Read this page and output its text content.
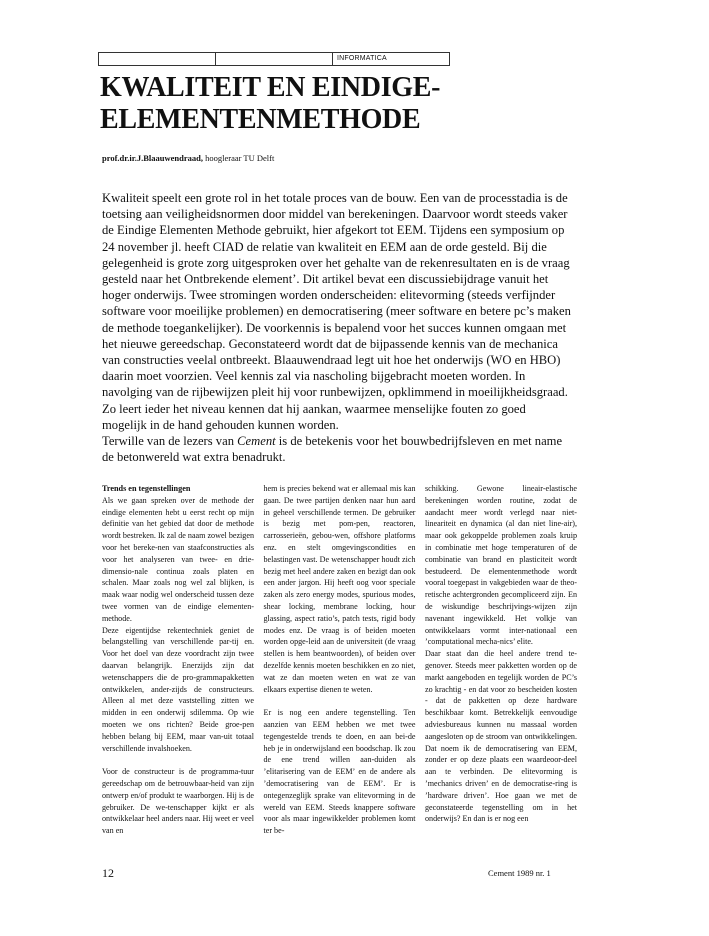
INFORMATICA
KWALITEIT EN EINDIGE-
ELEMENTENMETHODE
prof.dr.ir.J.Blaauwendraad, hoogleraar TU Delft

Kwaliteit speelt een grote rol in het totale proces van de bouw. Een van de processtadia is de toetsing aan veiligheidsnormen door middel van berekeningen. Daarvoor wordt steeds vaker de Eindige Elementen Methode gebruikt, hier afgekort tot EEM. Tijdens een symposium op 24 november jl. heeft CIAD de relatie van kwaliteit en EEM aan de orde gesteld. Bij die gelegenheid is grote zorg uitgesproken over het gehalte van de rekenresultaten en is de vraag gesteld naar het Ontbrekende element’. Dit artikel bevat een discussiebijdrage vanuit het hoger onderwijs. Twee stromingen worden onderscheiden: elitevorming (steeds verfijnder software voor moeilijke problemen) en democratisering (meer software en betere pc’s maken de methode toegankelijker). De voorkennis is bepalend voor het succes kunnen omgaan met het nieuwe gereedschap. Geconstateerd wordt dat de bijpassende kennis van de mechanica van constructies veelal ontbreekt. Blaauwendraad legt uit hoe het onderwijs (WO en HBO) daarin moet voorzien. Veel kennis zal via nascholing bijgebracht moeten worden. In navolging van de rijbewijzen pleit hij voor runbewijzen, opklimmend in moeilijkheidsgraad. Zo leert ieder het niveau kennen dat hij aankan, waarmee menselijke fouten zo goed mogelijk in de hand gehouden kunnen worden.

Terwille van de lezers van Cement is de betekenis voor het bouwbedrijfsleven en met name de betonwereld wat extra benadrukt.

Trends en tegenstellingen

Als we gaan spreken over de methode der eindige elementen hebt u eerst recht op mijn definitie van het gebied dat door de methode wordt bestreken. Ik zal de naam zowel bezigen voor het bereke-nen van staafconstructies als voor het analyseren van twee- en drie-dimensio-nale continua zoals platen en schalen. Maar zoals nog wel zal blijken, is maak waar nodig wel onderscheid tussen deze twee vormen van de eindige elementen-methode.

Deze eigentijdse rekentechniek geniet de belangstelling van verschillende par-tij en. Voor het doel van deze voordracht zijn twee daarvan belangrijk. Enerzijds zijn dat wetenschappers die de pro-grammapakketten ontwikkelen, ander-zijds de constructeurs. Alleen al met deze vaststelling zitten we midden in een onderwij sdilemma. Op wie moeten we ons richten? Beide groe-pen hebben belang bij EEM, maar van-uit totaal verschillende invalshoeken.

Voor de constructeur is de programma-tuur gereedschap om de betrouwbaar-heid van zijn ontwerp en/of produkt te waarborgen. Hij is de gebruiker. De we-tenschapper kijkt er als ontwikkelaar heel anders naar. Hij weet er veel van en

hem is precies bekend wat er allemaal mis kan gaan. De twee partijen denken naar hun aard in geheel verschillende termen. De gebruiker is bezig met pom-pen, reactoren, carrosserieën, gebou-wen, offshore platforms enz. en stelt omgevingscondities en belastingen vast. De wetenschapper houdt zich bezig met heel andere zaken en bezigt dan ook een ander jargon. Hij heeft oog voor speciale zaken als zero energy modes, spurious modes, shear locking, membrane locking, hour glassing, aspect ratio’s, patch tests, rigid body modes enz. De vraag is of beiden moeten worden opge-leid aan de universiteit (de vraag stellen is hem beantwoorden), of beiden over dezelfde kennis moeten beschikken en zo niet, wat ze dan moeten weten en wat ze van elkaars expertise dienen te weten.

Er is nog een andere tegenstelling. Ten aanzien van EEM hebben we met twee tegengestelde trends te doen, en aan bei-de heb je in onderwijsland een boodschap. Ik zou de ene trend willen aan-duiden als ’elitarisering van de EEM’ en de andere als ’democratisering van de EEM’. Er is ontegenzeglijk sprake van elitevorming in de wereld van EEM. Steeds knappere software voor als maar ingewikkelder problemen komt ter be-

schikking. Gewone lineair-elastische berekeningen worden routine, zodat de aandacht meer wordt verlegd naar niet-lineariteit en dynamica (al dan niet line-air), maar ook gekoppelde problemen zoals kruip in combinatie met hoge temperaturen of de combinatie van brand en plasticiteit wordt bestudeerd. De elementenmethode wordt vooral toegepast in vakgebieden waar de theo-retische achtergronden gecompliceerd zijn. En de wiskundige beschrijvings-wijzen zijn navenant ingewikkeld. Het volkje van ontwikkelaars vormt inter-nationaal een ’computational mecha-nics’ elite.

Daar staat dan die heel andere trend te-genover. Steeds meer pakketten worden op de markt aangeboden en tegelijk worden de PC’s zo krachtig - en dat voor zo bescheiden kosten - dat de pakketten op deze hardware beschikbaar komt. Betrekkelijk eenvoudige adviesbureaus kunnen nu massaal worden aangesloten op de stroom van ontwikkelingen. Dat noem ik de democratisering van EEM, zonder er op deze plaats een waardeoor-deel aan te verbinden. De elitevorming is ’mechanics driven’ en de democratise-ring is ’hardware driven’. Hoe gaan we met de geconstateerde tegenstelling om in het onderwijs? En dan is er nog een

12	Cement 1989 nr. 1
